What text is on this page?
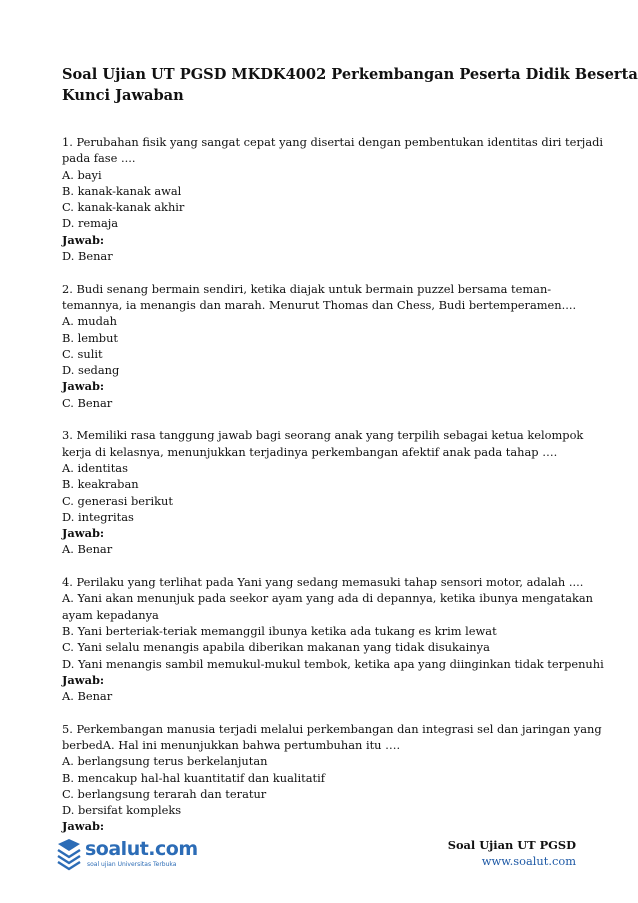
Soal Ujian UT PGSD MKDK4002 Perkembangan Peserta Didik Beserta
Kunci Jawaban
1. Perubahan fisik yang sangat cepat yang disertai dengan pembentukan identitas diri terjadi
pada fase ....
A. bayi
B. kanak-kanak awal
C. kanak-kanak akhir
D. remaja
Jawab:
D. Benar
2. Budi senang bermain sendiri, ketika diajak untuk bermain puzzel bersama teman-
temannya, ia menangis dan marah. Menurut Thomas dan Chess, Budi bertemperamen....
A. mudah
B. lembut
C. sulit
D. sedang
Jawab:
C. Benar
3. Memiliki rasa tanggung jawab bagi seorang anak yang terpilih sebagai ketua kelompok
kerja di kelasnya, menunjukkan terjadinya perkembangan afektif anak pada tahap ….
A. identitas
B. keakraban
C. generasi berikut
D. integritas
Jawab:
A. Benar
4. Perilaku yang terlihat pada Yani yang sedang memasuki tahap sensori motor, adalah ....
A. Yani akan menunjuk pada seekor ayam yang ada di depannya, ketika ibunya mengatakan
ayam kepadanya
B. Yani berteriak-teriak memanggil ibunya ketika ada tukang es krim lewat
C. Yani selalu menangis apabila diberikan makanan yang tidak disukainya
D. Yani menangis sambil memukul-mukul tembok, ketika apa yang diinginkan tidak terpenuhi
Jawab:
A. Benar
5. Perkembangan manusia terjadi melalui perkembangan dan integrasi sel dan jaringan yang
berbedA. Hal ini menunjukkan bahwa pertumbuhan itu ….
A. berlangsung terus berkelanjutan
B. mencakup hal-hal kuantitatif dan kualitatif
C. berlangsung terarah dan teratur
D. bersifat kompleks
Jawab:
soalut.com
soal ujian Universitas Terbuka
Soal Ujian UT PGSD
www.soalut.com
